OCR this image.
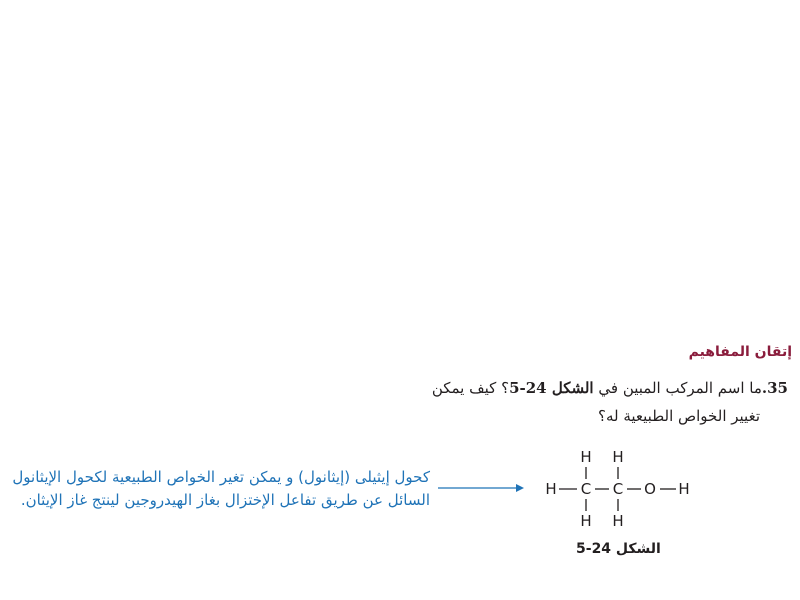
إتقان المفاهيم
35.ما اسم المركب المبين في الشكل 24-5؟ كيف يمكن
تغيير الخواص الطبيعية له؟
H H
H C C O H
H H
الشكل 24-5
كحول إيثيلى (إيثانول) و يمكن تغير الخواص الطبيعية لكحول الإيثانول السائل عن طريق تفاعل الإختزال بغاز الهيدروجين لينتج غاز الإيثان.
